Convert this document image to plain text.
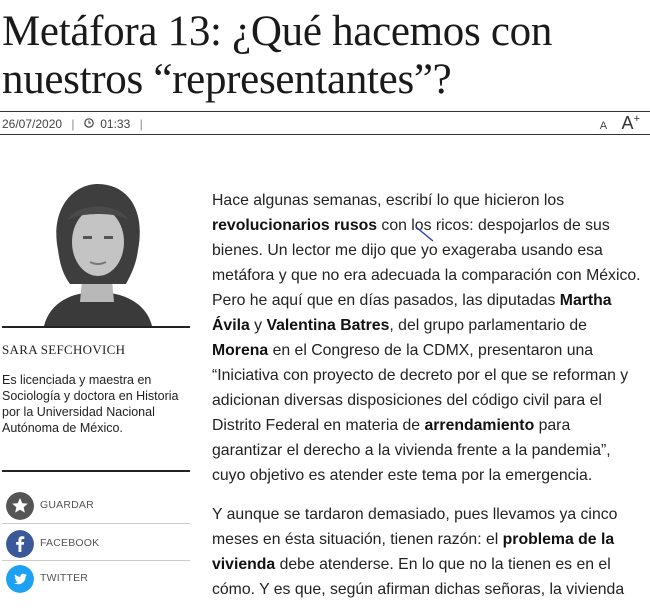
Metáfora 13: ¿Qué hacemos con nuestros “representantes”?
26/07/2020 | 01:33 |	A A+
SARA SEFCHOVICH
Es licenciada y maestra en Sociología y doctora en Historia por la Universidad Nacional Autónoma de México.
GUARDAR
FACEBOOK
TWITTER

Hace algunas semanas, escribí lo que hicieron los revolucionarios rusos con los ricos: despojarlos de sus bienes. Un lector me dijo que yo exageraba usando esa metáfora y que no era adecuada la comparación con México. Pero he aquí que en días pasados, las diputadas Martha Ávila y Valentina Batres, del grupo parlamentario de Morena en el Congreso de la CDMX, presentaron una “Iniciativa con proyecto de decreto por el que se reforman y adicionan diversas disposiciones del código civil para el Distrito Federal en materia de arrendamiento para garantizar el derecho a la vivienda frente a la pandemia”, cuyo objetivo es atender este tema por la emergencia.

Y aunque se tardaron demasiado, pues llevamos ya cinco meses en ésta situación, tienen razón: el problema de la vivienda debe atenderse. En lo que no la tienen es en el cómo. Y es que, según afirman dichas señoras, la vivienda
